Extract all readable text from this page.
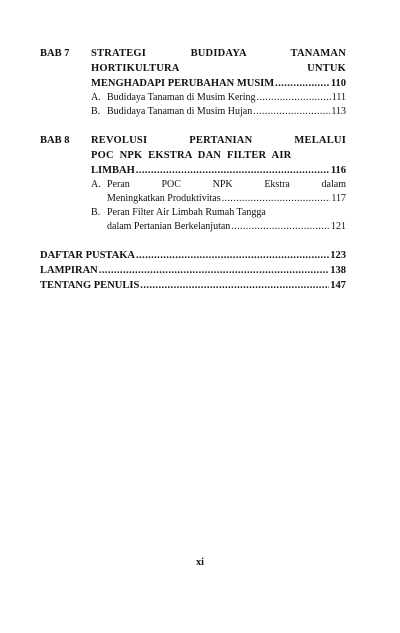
BAB 7	STRATEGI BUDIDAYA TANAMAN
HORTIKULTURA UNTUK
MENGHADAPI PERUBAHAN MUSIM .....	110
A. Budidaya Tanaman di Musim Kering .....	111
B. Budidaya Tanaman di Musim Hujan .....	113
BAB 8	REVOLUSI PERTANIAN MELALUI
POC NPK EKSTRA DAN FILTER AIR
LIMBAH .....	116
A. Peran POC NPK Ekstra dalam
Meningkatkan Produktivitas .....	117
B. Peran Filter Air Limbah Rumah Tangga
dalam Pertanian Berkelanjutan .....	121
DAFTAR PUSTAKA .....	123
LAMPIRAN .....	138
TENTANG PENULIS .....	147
xi
